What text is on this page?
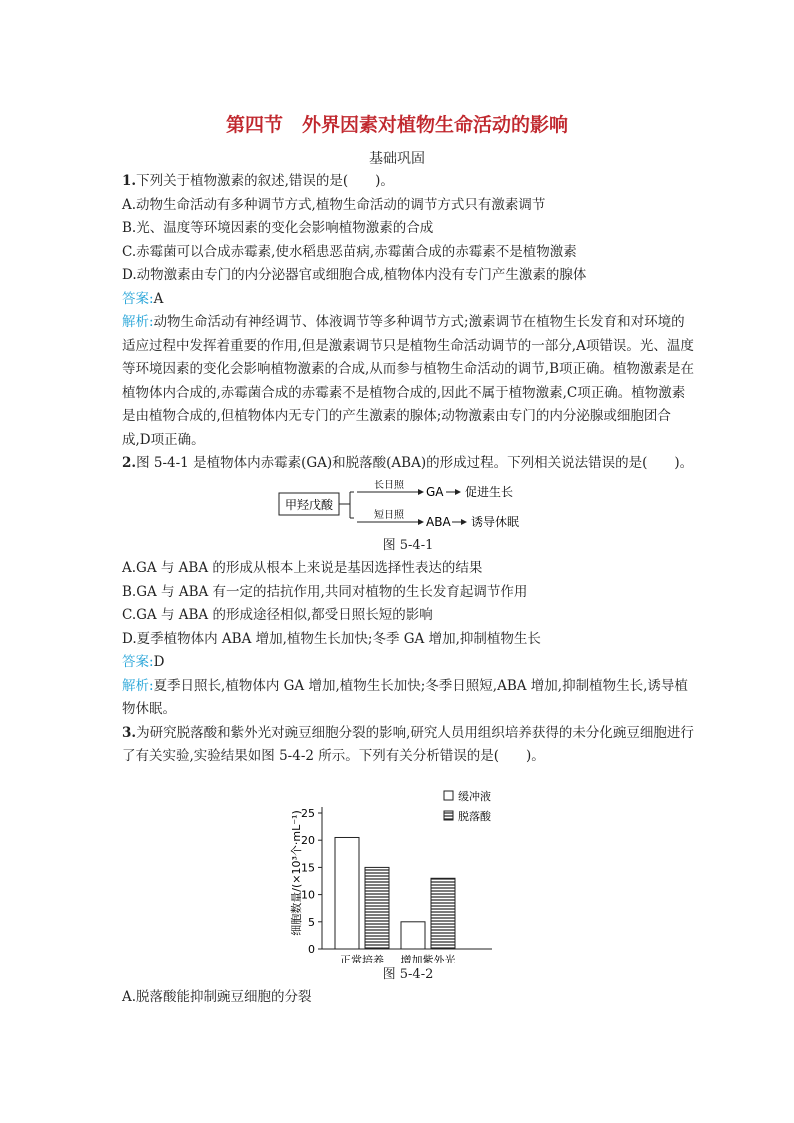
第四节　外界因素对植物生命活动的影响
基础巩固

1.下列关于植物激素的叙述,错误的是(　　)。

A.动物生命活动有多种调节方式,植物生命活动的调节方式只有激素调节

B.光、温度等环境因素的变化会影响植物激素的合成

C.赤霉菌可以合成赤霉素,使水稻患恶苗病,赤霉菌合成的赤霉素不是植物激素

D.动物激素由专门的内分泌器官或细胞合成,植物体内没有专门产生激素的腺体

答案:A

解析:动物生命活动有神经调节、体液调节等多种调节方式;激素调节在植物生长发育和对环境的适应过程中发挥着重要的作用,但是激素调节只是植物生命活动调节的一部分,A项错误。光、温度等环境因素的变化会影响植物激素的合成,从而参与植物生命活动的调节,B项正确。植物激素是在植物体内合成的,赤霉菌合成的赤霉素不是植物合成的,因此不属于植物激素,C项正确。植物激素是由植物合成的,但植物体内无专门的产生激素的腺体;动物激素由专门的内分泌腺或细胞团合成,D项正确。

2.图 5-4-1 是植物体内赤霉素(GA)和脱落酸(ABA)的形成过程。下列相关说法错误的是(　　)。

甲羟戊酸
长日照 GA 促进生长
短日照 ABA 诱导休眠

图 5-4-1

A.GA 与 ABA 的形成从根本上来说是基因选择性表达的结果

B.GA 与 ABA 有一定的拮抗作用,共同对植物的生长发育起调节作用

C.GA 与 ABA 的形成途径相似,都受日照长短的影响

D.夏季植物体内 ABA 增加,植物生长加快;冬季 GA 增加,抑制植物生长

答案:D

解析:夏季日照长,植物体内 GA 增加,植物生长加快;冬季日照短,ABA 增加,抑制植物生长,诱导植物休眠。

3.为研究脱落酸和紫外光对豌豆细胞分裂的影响,研究人员用组织培养获得的未分化豌豆细胞进行了有关实验,实验结果如图 5-4-2 所示。下列有关分析错误的是(　　)。

0
5
10
15
20
25
细胞数量/(×10³个·mL⁻¹)
正常培养 增加紫外光
缓冲液
脱落酸

图 5-4-2

A.脱落酸能抑制豌豆细胞的分裂
